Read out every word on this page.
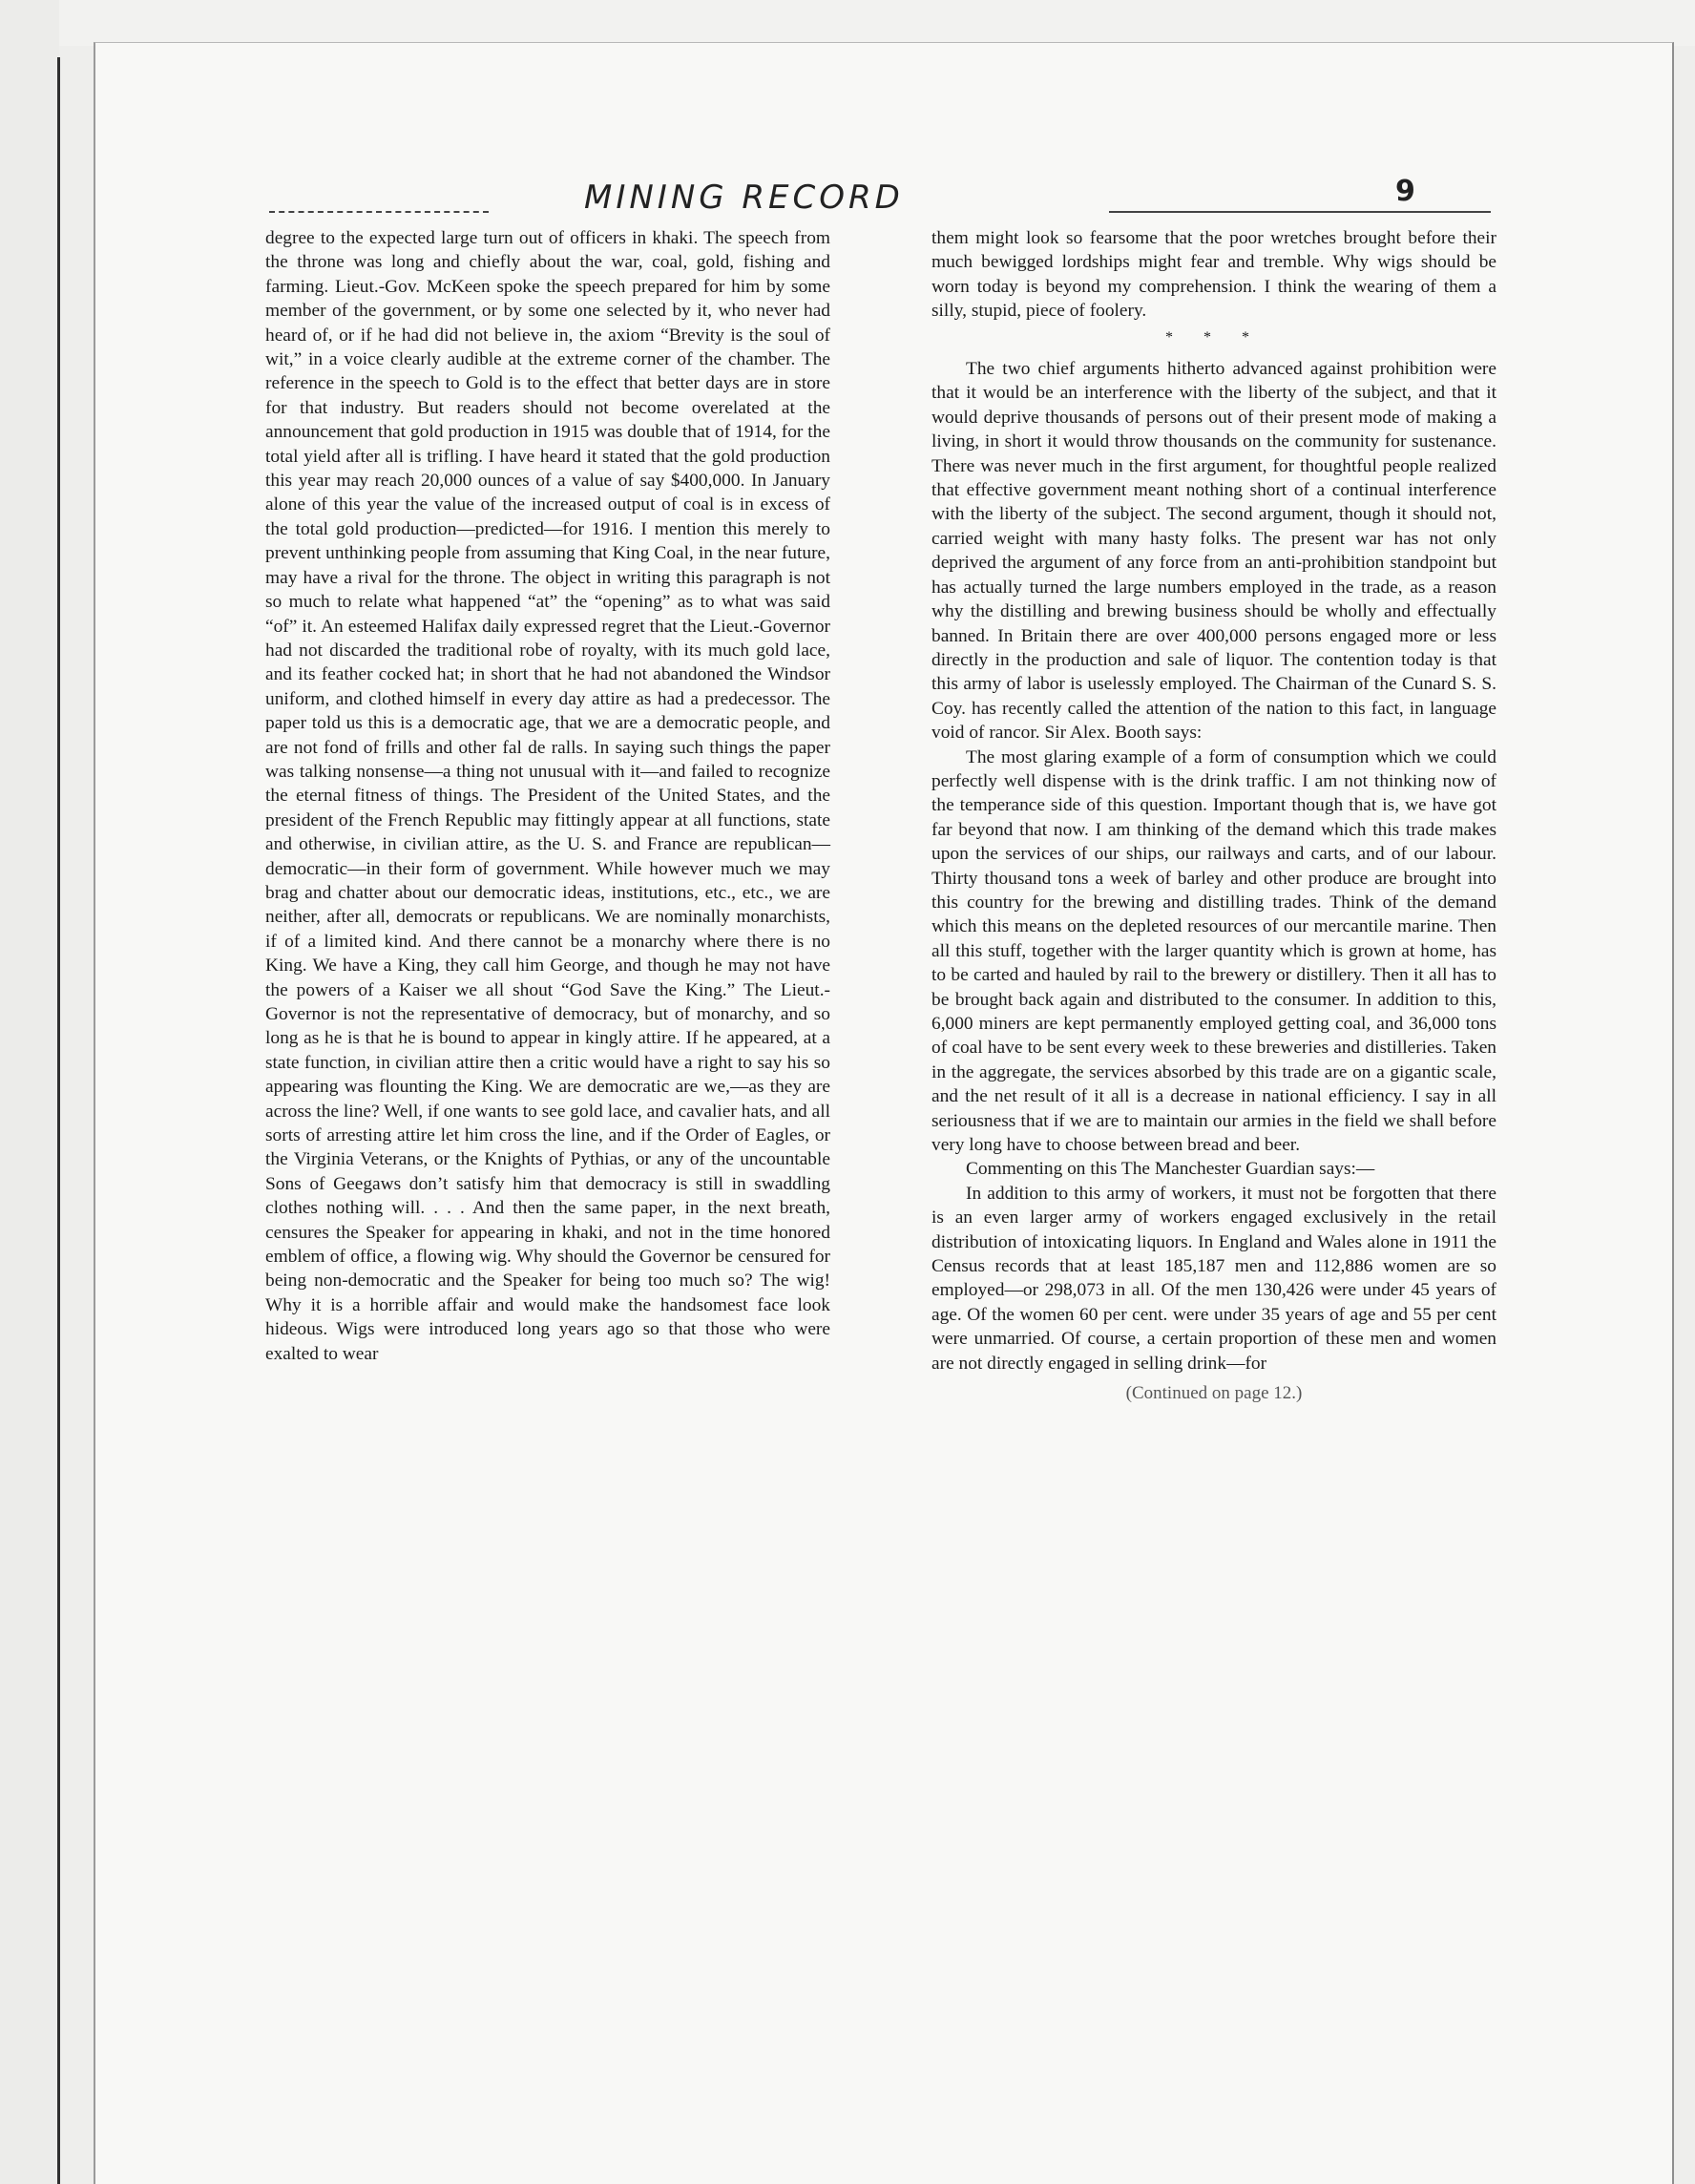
MINING RECORD	9

degree to the expected large turn out of officers in khaki. The speech from the throne was long and chiefly about the war, coal, gold, fishing and farming. Lieut.-Gov. McKeen spoke the speech prepared for him by some member of the government, or by some one selected by it, who never had heard of, or if he had did not believe in, the axiom “Brevity is the soul of wit,” in a voice clearly audible at the extreme corner of the chamber. The reference in the speech to Gold is to the effect that better days are in store for that industry. But readers should not become overelated at the announcement that gold production in 1915 was double that of 1914, for the total yield after all is trifling. I have heard it stated that the gold production this year may reach 20,000 ounces of a value of say $400,000. In January alone of this year the value of the increased output of coal is in excess of the total gold production—predicted—for 1916. I mention this merely to prevent unthinking people from assuming that King Coal, in the near future, may have a rival for the throne. The object in writing this paragraph is not so much to relate what happened “at” the “opening” as to what was said “of” it. An esteemed Halifax daily expressed regret that the Lieut.-Governor had not discarded the traditional robe of royalty, with its much gold lace, and its feather cocked hat; in short that he had not abandoned the Windsor uniform, and clothed himself in every day attire as had a predecessor. The paper told us this is a democratic age, that we are a democratic people, and are not fond of frills and other fal de ralls. In saying such things the paper was talking nonsense—a thing not unusual with it—and failed to recognize the eternal fitness of things. The President of the United States, and the president of the French Republic may fittingly appear at all functions, state and otherwise, in civilian attire, as the U. S. and France are republican—democratic—in their form of government. While however much we may brag and chatter about our democratic ideas, institutions, etc., etc., we are neither, after all, democrats or republicans. We are nominally monarchists, if of a limited kind. And there cannot be a monarchy where there is no King. We have a King, they call him George, and though he may not have the powers of a Kaiser we all shout “God Save the King.” The Lieut.-Governor is not the representative of democracy, but of monarchy, and so long as he is that he is bound to appear in kingly attire. If he appeared, at a state function, in civilian attire then a critic would have a right to say his so appearing was flounting the King. We are democratic are we,—as they are across the line? Well, if one wants to see gold lace, and cavalier hats, and all sorts of arresting attire let him cross the line, and if the Order of Eagles, or the Virginia Veterans, or the Knights of Pythias, or any of the uncountable Sons of Geegaws don’t satisfy him that democracy is still in swaddling clothes nothing will. . . . And then the same paper, in the next breath, censures the Speaker for appearing in khaki, and not in the time honored emblem of office, a flowing wig. Why should the Governor be censured for being non-democratic and the Speaker for being too much so? The wig! Why it is a horrible affair and would make the handsomest face look hideous. Wigs were introduced long years ago so that those who were exalted to wear

them might look so fearsome that the poor wretches brought before their much bewigged lordships might fear and tremble. Why wigs should be worn today is beyond my comprehension. I think the wearing of them a silly, stupid, piece of foolery.

* * *

The two chief arguments hitherto advanced against prohibition were that it would be an interference with the liberty of the subject, and that it would deprive thousands of persons out of their present mode of making a living, in short it would throw thousands on the community for sustenance. There was never much in the first argument, for thoughtful people realized that effective government meant nothing short of a continual interference with the liberty of the subject. The second argument, though it should not, carried weight with many hasty folks. The present war has not only deprived the argument of any force from an anti-prohibition standpoint but has actually turned the large numbers employed in the trade, as a reason why the distilling and brewing business should be wholly and effectually banned. In Britain there are over 400,000 persons engaged more or less directly in the production and sale of liquor. The contention today is that this army of labor is uselessly employed. The Chairman of the Cunard S. S. Coy. has recently called the attention of the nation to this fact, in language void of rancor. Sir Alex. Booth says:

The most glaring example of a form of consumption which we could perfectly well dispense with is the drink traffic. I am not thinking now of the temperance side of this question. Important though that is, we have got far beyond that now. I am thinking of the demand which this trade makes upon the services of our ships, our railways and carts, and of our labour. Thirty thousand tons a week of barley and other produce are brought into this country for the brewing and distilling trades. Think of the demand which this means on the depleted resources of our mercantile marine. Then all this stuff, together with the larger quantity which is grown at home, has to be carted and hauled by rail to the brewery or distillery. Then it all has to be brought back again and distributed to the consumer. In addition to this, 6,000 miners are kept permanently employed getting coal, and 36,000 tons of coal have to be sent every week to these breweries and distilleries. Taken in the aggregate, the services absorbed by this trade are on a gigantic scale, and the net result of it all is a decrease in national efficiency. I say in all seriousness that if we are to maintain our armies in the field we shall before very long have to choose between bread and beer.

Commenting on this The Manchester Guardian says:—

In addition to this army of workers, it must not be forgotten that there is an even larger army of workers engaged exclusively in the retail distribution of intoxicating liquors. In England and Wales alone in 1911 the Census records that at least 185,187 men and 112,886 women are so employed—or 298,073 in all. Of the men 130,426 were under 45 years of age. Of the women 60 per cent. were under 35 years of age and 55 per cent were unmarried. Of course, a certain proportion of these men and women are not directly engaged in selling drink—for

(Continued on page 12.)
